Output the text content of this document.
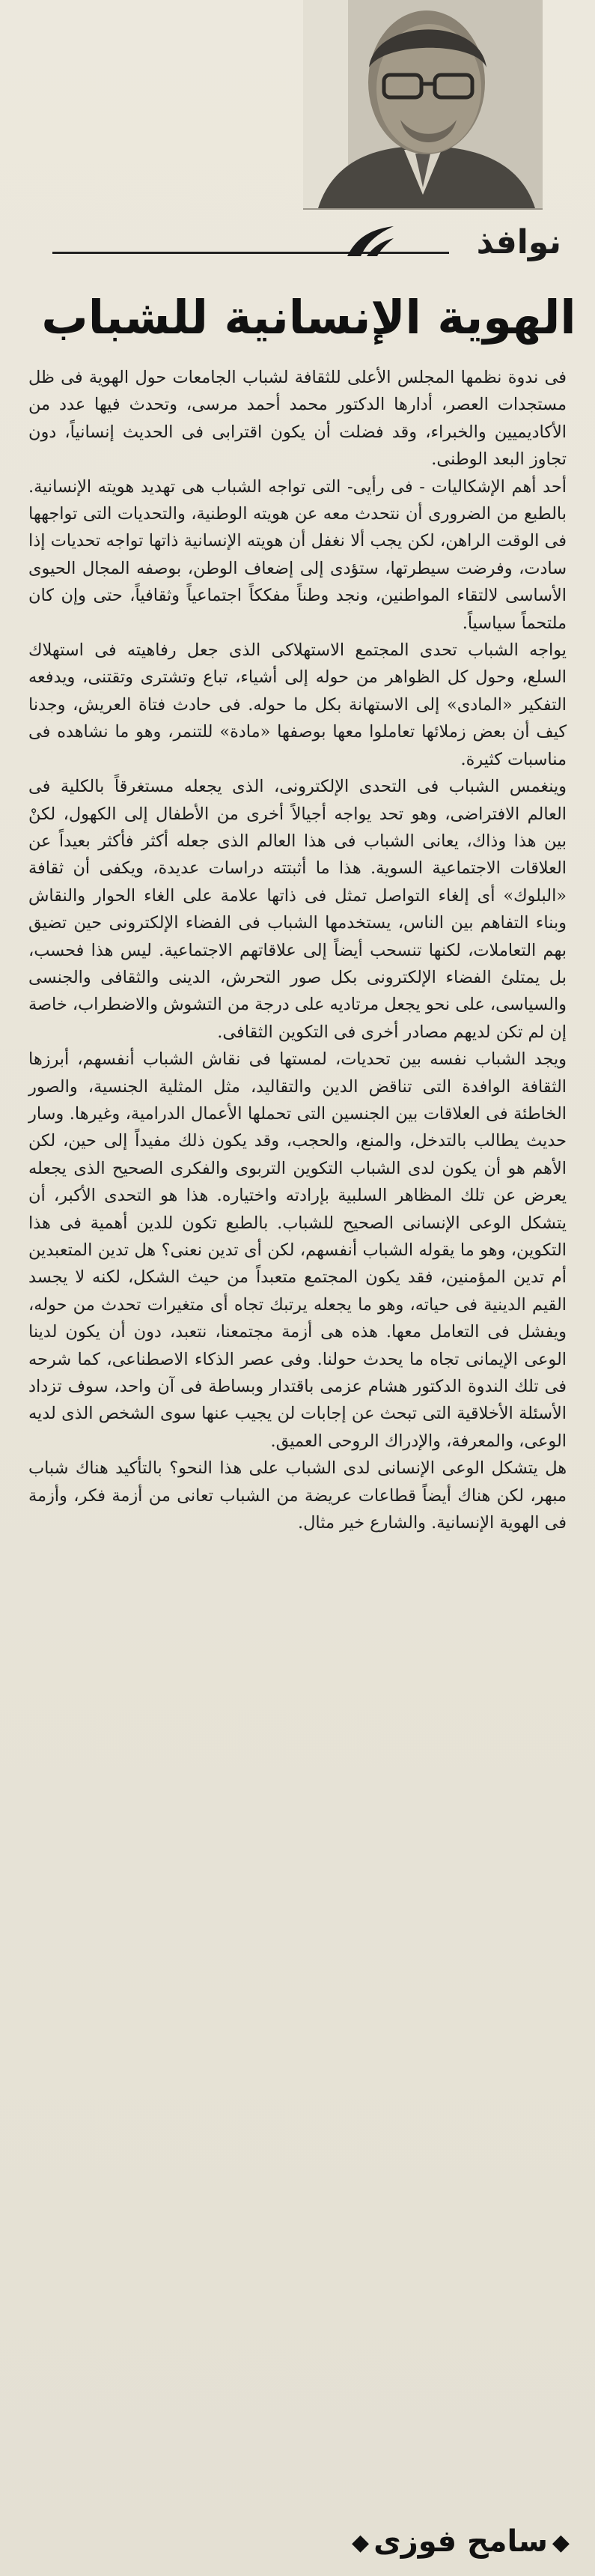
نوافذ
الهوية الإنسانية للشباب

فى ندوة نظمها المجلس الأعلى للثقافة لشباب الجامعات حول الهوية فى ظل مستجدات العصر، أدارها الدكتور محمد أحمد مرسى، وتحدث فيها عدد من الأكاديميين والخبراء، وقد فضلت أن يكون اقترابى فى الحديث إنسانياً، دون تجاوز البعد الوطنى.

أحد أهم الإشكاليات - فى رأيى- التى تواجه الشباب هى تهديد هويته الإنسانية. بالطبع من الضرورى أن نتحدث معه عن هويته الوطنية، والتحديات التى تواجهها فى الوقت الراهن، لكن يجب ألا نغفل أن هويته الإنسانية ذاتها تواجه تحديات إذا سادت، وفرضت سيطرتها، ستؤدى إلى إضعاف الوطن، بوصفه المجال الحيوى الأساسى لالتقاء المواطنين، ونجد وطناً مفككاً اجتماعياً وثقافياً، حتى وإن كان ملتحماً سياسياً.

يواجه الشباب تحدى المجتمع الاستهلاكى الذى جعل رفاهيته فى استهلاك السلع، وحول كل الظواهر من حوله إلى أشياء، تباع وتشترى وتقتنى، ويدفعه التفكير «المادى» إلى الاستهانة بكل ما حوله. فى حادث فتاة العريش، وجدنا كيف أن بعض زملائها تعاملوا معها بوصفها «مادة» للتنمر، وهو ما نشاهده فى مناسبات كثيرة.

وينغمس الشباب فى التحدى الإلكترونى، الذى يجعله مستغرقاً بالكلية فى العالم الافتراضى، وهو تحد يواجه أجيالاً أخرى من الأطفال إلى الكهول، لكنْ بين هذا وذاك، يعانى الشباب فى هذا العالم الذى جعله أكثر فأكثر بعيداً عن العلاقات الاجتماعية السوية. هذا ما أثبتته دراسات عديدة، ويكفى أن ثقافة «البلوك» أى إلغاء التواصل تمثل فى ذاتها علامة على الغاء الحوار والنقاش وبناء التفاهم بين الناس، يستخدمها الشباب فى الفضاء الإلكترونى حين تضيق بهم التعاملات، لكنها تنسحب أيضاً إلى علاقاتهم الاجتماعية. ليس هذا فحسب، بل يمتلئ الفضاء الإلكترونى بكل صور التحرش، الدينى والثقافى والجنسى والسياسى، على نحو يجعل مرتاديه على درجة من التشوش والاضطراب، خاصة إن لم تكن لديهم مصادر أخرى فى التكوين الثقافى.

ويجد الشباب نفسه بين تحديات، لمستها فى نقاش الشباب أنفسهم، أبرزها الثقافة الوافدة التى تناقض الدين والتقاليد، مثل المثلية الجنسية، والصور الخاطئة فى العلاقات بين الجنسين التى تحملها الأعمال الدرامية، وغيرها. وسار حديث يطالب بالتدخل، والمنع، والحجب، وقد يكون ذلك مفيداً إلى حين، لكن الأهم هو أن يكون لدى الشباب التكوين التربوى والفكرى الصحيح الذى يجعله يعرض عن تلك المظاهر السلبية بإرادته واختياره. هذا هو التحدى الأكبر، أن يتشكل الوعى الإنسانى الصحيح للشباب. بالطبع تكون للدين أهمية فى هذا التكوين، وهو ما يقوله الشباب أنفسهم، لكن أى تدين نعنى؟ هل تدين المتعبدين أم تدين المؤمنين، فقد يكون المجتمع متعبداً من حيث الشكل، لكنه لا يجسد القيم الدينية فى حياته، وهو ما يجعله يرتبك تجاه أى متغيرات تحدث من حوله، ويفشل فى التعامل معها. هذه هى أزمة مجتمعنا، نتعبد، دون أن يكون لدينا الوعى الإيمانى تجاه ما يحدث حولنا. وفى عصر الذكاء الاصطناعى، كما شرحه فى تلك الندوة الدكتور هشام عزمى باقتدار وبساطة فى آن واحد، سوف تزداد الأسئلة الأخلاقية التى تبحث عن إجابات لن يجيب عنها سوى الشخص الذى لديه الوعى، والمعرفة، والإدراك الروحى العميق.

هل يتشكل الوعى الإنسانى لدى الشباب على هذا النحو؟ بالتأكيد هناك شباب مبهر، لكن هناك أيضاً قطاعات عريضة من الشباب تعانى من أزمة فكر، وأزمة فى الهوية الإنسانية. والشارع خير مثال.

◆سامح فوزى◆
